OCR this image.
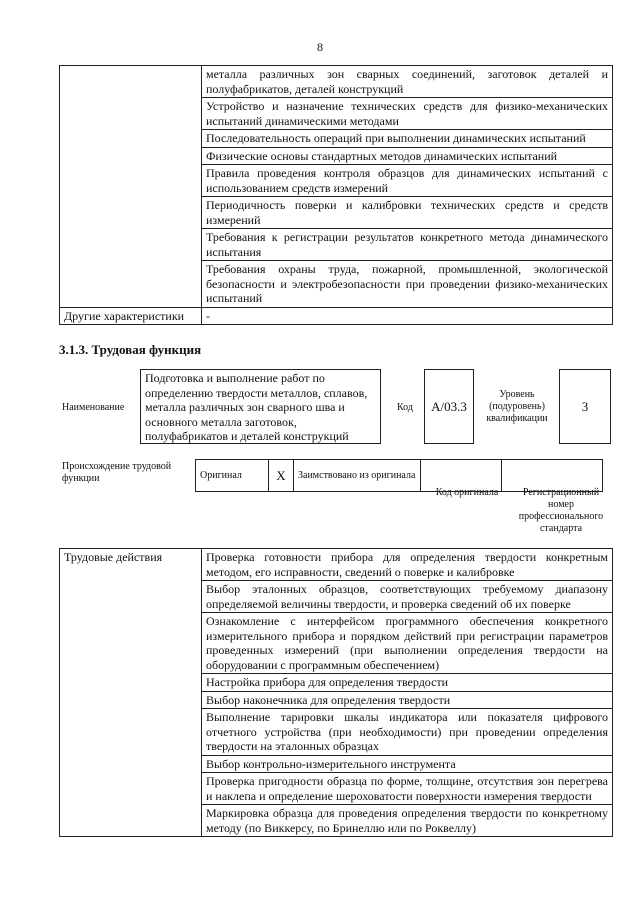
8
	металла различных зон сварных соединений, заготовок деталей и полуфабрикатов, деталей конструкций
	Устройство и назначение технических средств для физико-механических испытаний динамическими методами
	Последовательность операций при выполнении динамических испытаний
	Физические основы стандартных методов динамических испытаний
	Правила проведения контроля образцов для динамических испытаний с использованием средств измерений
	Периодичность поверки и калибровки технических средств и средств измерений
	Требования к регистрации результатов конкретного метода динамического испытания
	Требования охраны труда, пожарной, промышленной, экологической безопасности и электробезопасности при проведении физико-механических испытаний
Другие характеристики	-
3.1.3. Трудовая функция
Наименование
Подготовка и выполнение работ по определению твердости металлов, сплавов, металла различных зон сварного шва и основного металла заготовок, полуфабрикатов и деталей конструкций
Код	А/03.3
Уровень (подуровень) квалификации
3
Происхождение трудовой функции	Оригинал	Х	Заимствовано из оригинала		
Код оригинала	Регистрационный номер профессионального стандарта
Трудовые действия	Проверка готовности прибора для определения твердости конкретным методом, его исправности, сведений о поверке и калибровке
Выбор эталонных образцов, соответствующих требуемому диапазону определяемой величины твердости, и проверка сведений об их поверке
Ознакомление с интерфейсом программного обеспечения конкретного измерительного прибора и порядком действий при регистрации параметров проведенных измерений (при выполнении определения твердости на оборудовании с программным обеспечением)
Настройка прибора для определения твердости
Выбор наконечника для определения твердости
Выполнение тарировки шкалы индикатора или показателя цифрового отчетного устройства (при необходимости) при проведении определения твердости на эталонных образцах
Выбор контрольно-измерительного инструмента
Проверка пригодности образца по форме, толщине, отсутствия зон перегрева и наклепа и определение шероховатости поверхности измерения твердости
Маркировка образца для проведения определения твердости по конкретному методу (по Виккерсу, по Бринеллю или по Роквеллу)
